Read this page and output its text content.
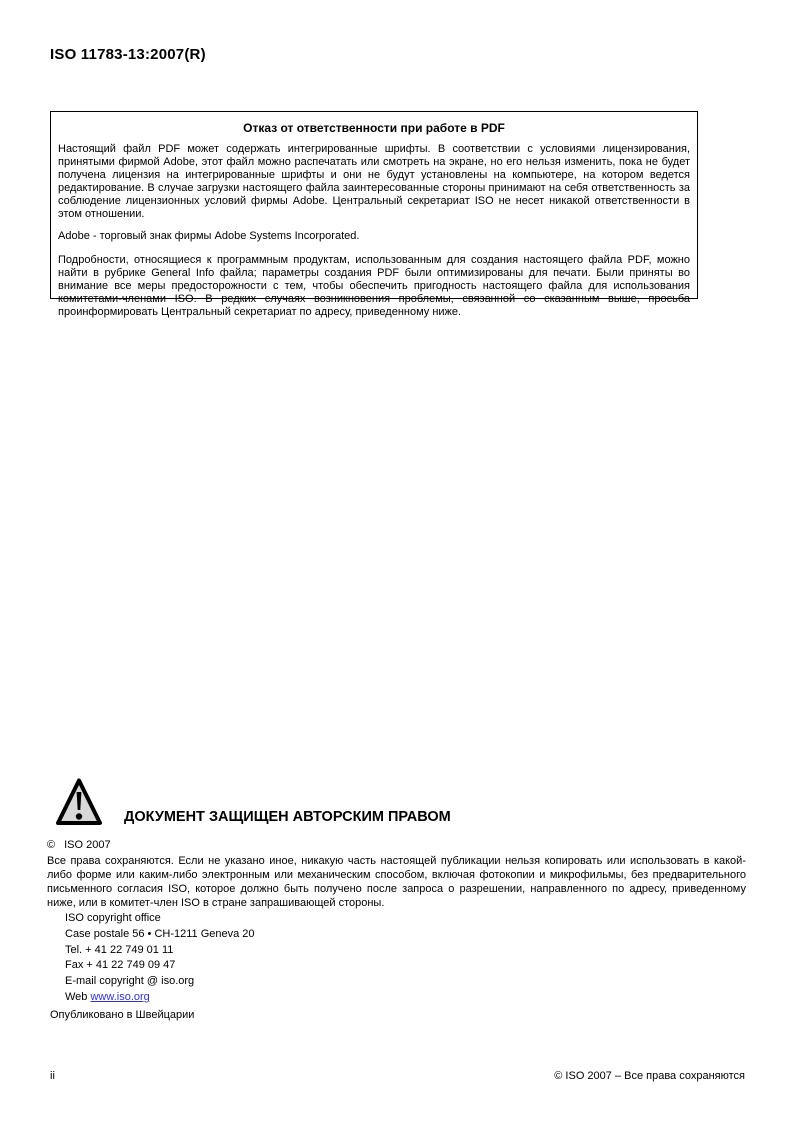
ISO 11783-13:2007(R)
Отказ от ответственности при работе в PDF

Настоящий файл PDF может содержать интегрированные шрифты. В соответствии с условиями лицензирования, принятыми фирмой Adobe, этот файл можно распечатать или смотреть на экране, но его нельзя изменить, пока не будет получена лицензия на интегрированные шрифты и они не будут установлены на компьютере, на котором ведется редактирование. В случае загрузки настоящего файла заинтересованные стороны принимают на себя ответственность за соблюдение лицензионных условий фирмы Adobe. Центральный секретариат ISO не несет никакой ответственности в этом отношении.

Adobe - торговый знак фирмы Adobe Systems Incorporated.

Подробности, относящиеся к программным продуктам, использованным для создания настоящего файла PDF, можно найти в рубрике General Info файла; параметры создания PDF были оптимизированы для печати. Были приняты во внимание все меры предосторожности с тем, чтобы обеспечить пригодность настоящего файла для использования комитетами-членами ISO. В редких случаях возникновения проблемы, связанной со сказанным выше, просьба проинформировать Центральный секретариат по адресу, приведенному ниже.

ДОКУМЕНТ ЗАЩИЩЕН АВТОРСКИМ ПРАВОМ
© ISO 2007

Все права сохраняются. Если не указано иное, никакую часть настоящей публикации нельзя копировать или использовать в какой-либо форме или каким-либо электронным или механическим способом, включая фотокопии и микрофильмы, без предварительного письменного согласия ISO, которое должно быть получено после запроса о разрешении, направленного по адресу, приведенному ниже, или в комитет-член ISO в стране запрашивающей стороны.

ISO copyright office
Case postale 56 • CH-1211 Geneva 20
Tel. + 41 22 749 01 11
Fax + 41 22 749 09 47
E-mail copyright @ iso.org
Web www.iso.org
Опубликовано в Швейцарии
ii	© ISO 2007 – Все права сохраняются
